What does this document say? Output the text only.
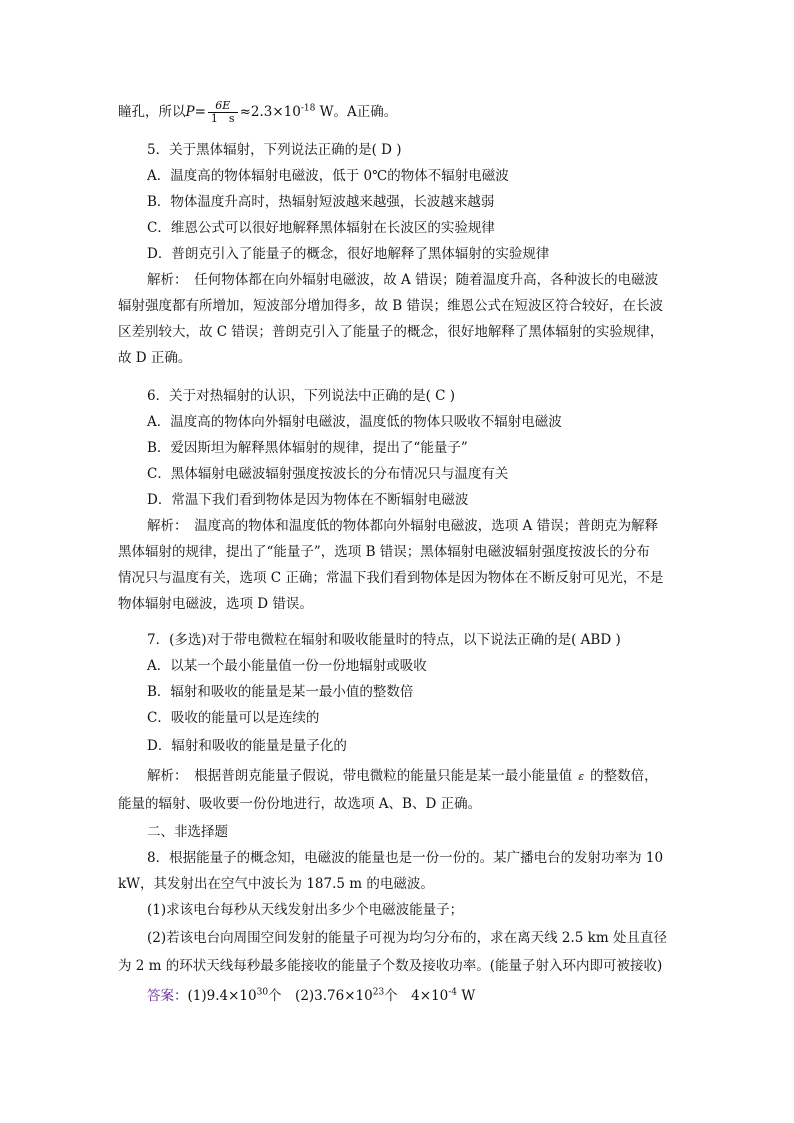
瞳孔，所以$P= \frac{6E}{1 s} \approx 2.3\times 10^{-18}$ W。A正确。
5．关于黑体辐射，下列说法正确的是( D )
A．温度高的物体辐射电磁波，低于 0℃的物体不辐射电磁波
B．物体温度升高时，热辐射短波越来越强，长波越来越弱
C．维恩公式可以很好地解释黑体辐射在长波区的实验规律
D．普朗克引入了能量子的概念，很好地解释了黑体辐射的实验规律
解析：　任何物体都在向外辐射电磁波，故 A 错误；随着温度升高，各种波长的电磁波
辐射强度都有所增加，短波部分增加得多，故 B 错误；维恩公式在短波区符合较好，在长波
区差别较大，故 C 错误；普朗克引入了能量子的概念，很好地解释了黑体辐射的实验规律，
故 D 正确。
6．关于对热辐射的认识，下列说法中正确的是( C )
A．温度高的物体向外辐射电磁波，温度低的物体只吸收不辐射电磁波
B．爱因斯坦为解释黑体辐射的规律，提出了“能量子”
C．黑体辐射电磁波辐射强度按波长的分布情况只与温度有关
D．常温下我们看到物体是因为物体在不断辐射电磁波
解析：　温度高的物体和温度低的物体都向外辐射电磁波，选项 A 错误；普朗克为解释
黑体辐射的规律，提出了“能量子”，选项 B 错误；黑体辐射电磁波辐射强度按波长的分布
情况只与温度有关，选项 C 正确；常温下我们看到物体是因为物体在不断反射可见光，不是
物体辐射电磁波，选项 D 错误。
7．(多选)对于带电微粒在辐射和吸收能量时的特点，以下说法正确的是( ABD )
A．以某一个最小能量值一份一份地辐射或吸收
B．辐射和吸收的能量是某一最小值的整数倍
C．吸收的能量可以是连续的
D．辐射和吸收的能量是量子化的
解析：　根据普朗克能量子假说，带电微粒的能量只能是某一最小能量值 ε 的整数倍，
能量的辐射、吸收要一份份地进行，故选项 A、B、D 正确。
二、非选择题
8．根据能量子的概念知，电磁波的能量也是一份一份的。某广播电台的发射功率为 10
kW，其发射出在空气中波长为 187.5 m 的电磁波。
(1)求该电台每秒从天线发射出多少个电磁波能量子；
(2)若该电台向周围空间发射的能量子可视为均匀分布的，求在离天线 2.5 km 处且直径
为 2 m 的环状天线每秒最多能接收的能量子个数及接收功率。(能量子射入环内即可被接收)
答案：$(1)9.4\times 10^{30}$个　$(2)3.76\times 10^{23}$个　$4\times 10^{-4}$ W
